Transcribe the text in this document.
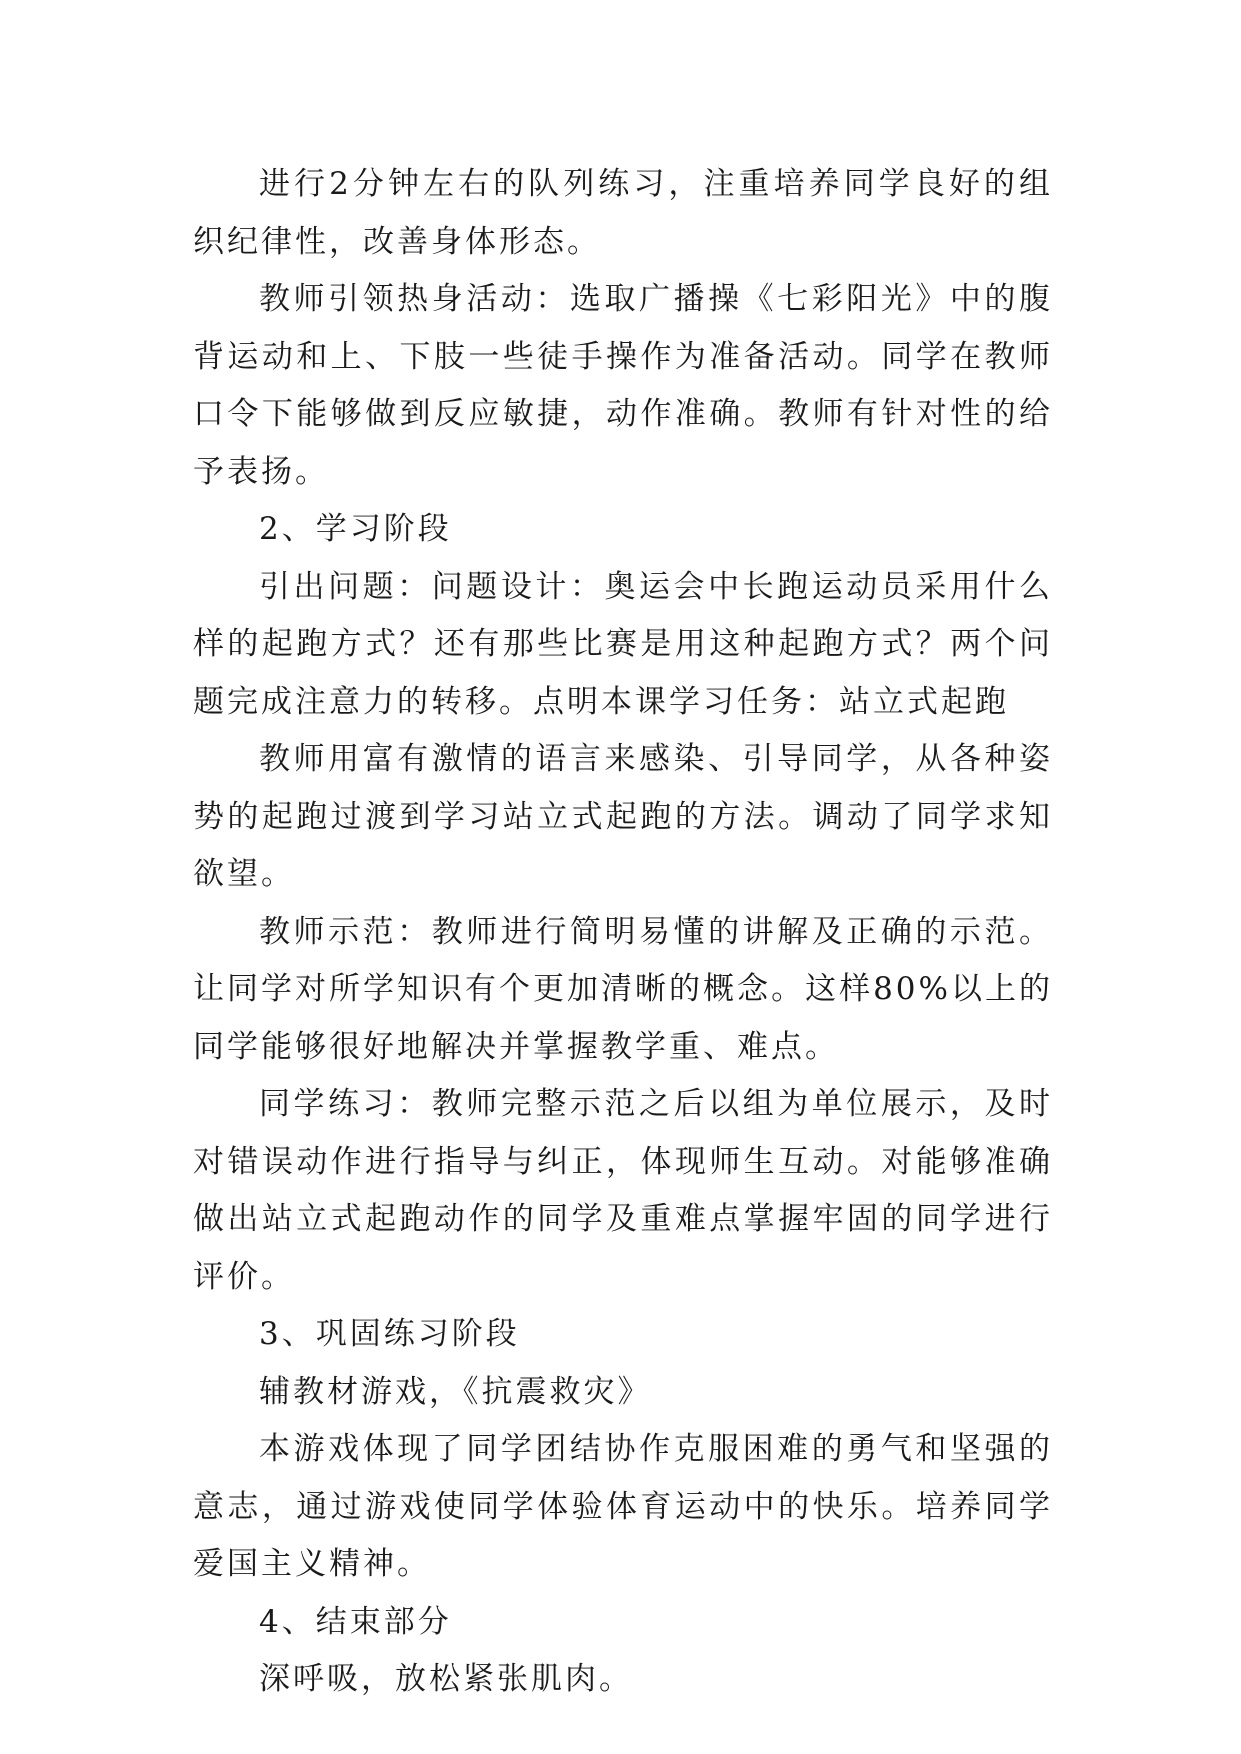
进行2分钟左右的队列练习，注重培养同学良好的组织纪律性，改善身体形态。

教师引领热身活动：选取广播操《七彩阳光》中的腹背运动和上、下肢一些徒手操作为准备活动。同学在教师口令下能够做到反应敏捷，动作准确。教师有针对性的给予表扬。

2、学习阶段

引出问题：问题设计：奥运会中长跑运动员采用什么样的起跑方式？还有那些比赛是用这种起跑方式？两个问题完成注意力的转移。点明本课学习任务：站立式起跑

教师用富有激情的语言来感染、引导同学，从各种姿势的起跑过渡到学习站立式起跑的方法。调动了同学求知欲望。

教师示范：教师进行简明易懂的讲解及正确的示范。让同学对所学知识有个更加清晰的概念。这样80%以上的同学能够很好地解决并掌握教学重、难点。

同学练习：教师完整示范之后以组为单位展示，及时对错误动作进行指导与纠正，体现师生互动。对能够准确做出站立式起跑动作的同学及重难点掌握牢固的同学进行评价。

3、巩固练习阶段

辅教材游戏，《抗震救灾》

本游戏体现了同学团结协作克服困难的勇气和坚强的意志，通过游戏使同学体验体育运动中的快乐。培养同学爱国主义精神。

4、结束部分

深呼吸，放松紧张肌肉。
